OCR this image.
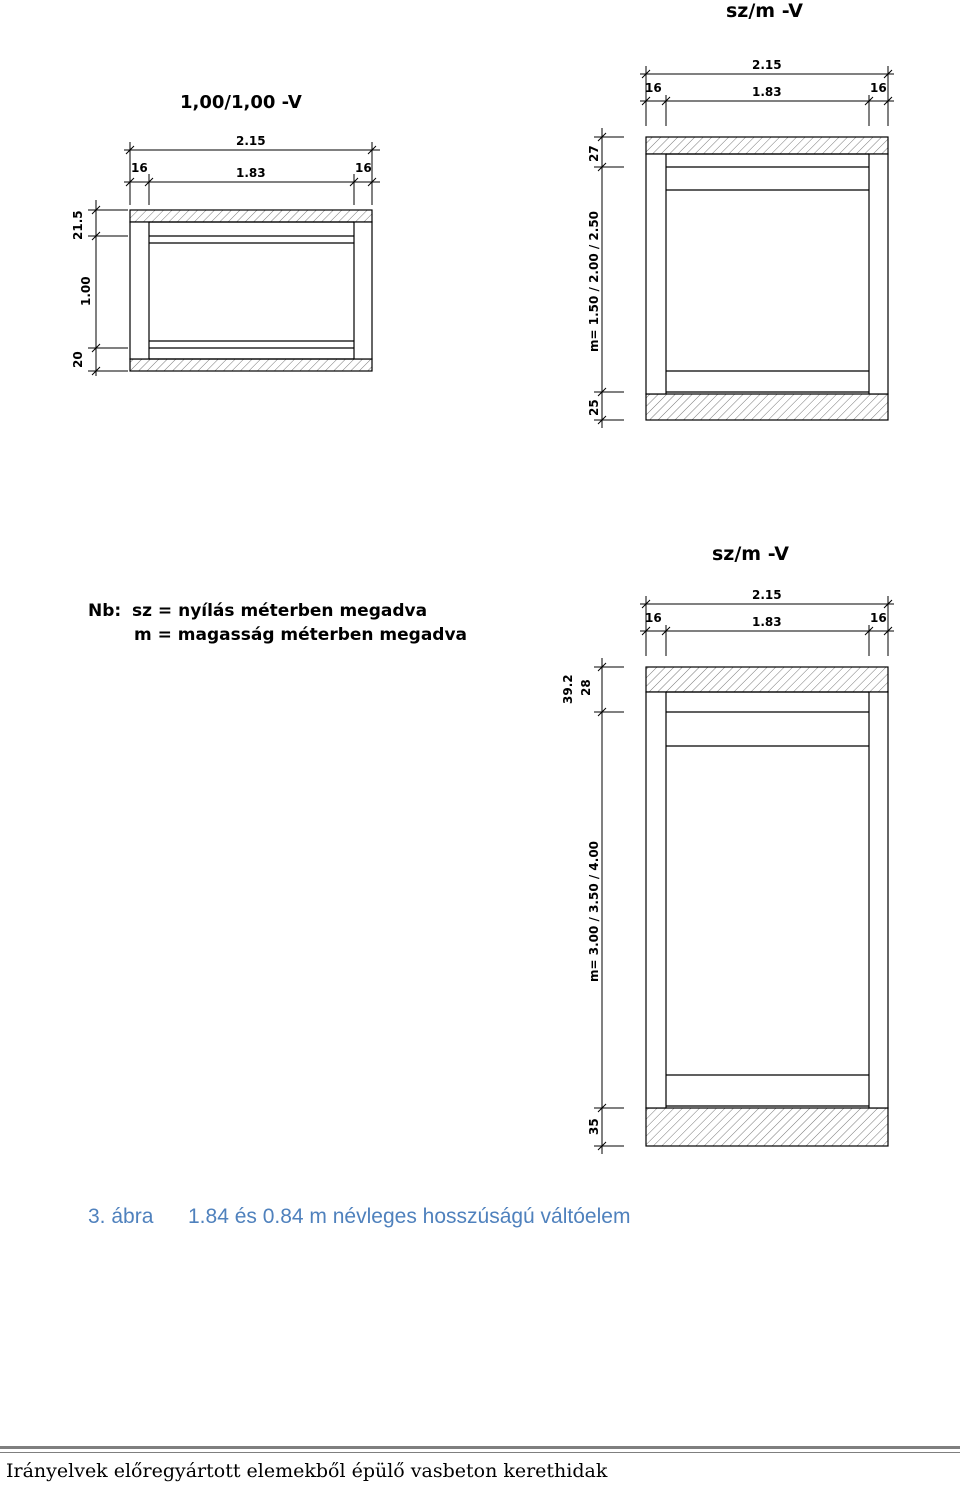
1,00/1,00 -V
2.15
1.83
16	16
21.5
1.00
20
sz/m -V
2.15
1.83
16	16
27
m= 1.50 / 2.00 / 2.50
25
Nb: sz = nyílás méterben megadva
m = magasság méterben megadva
sz/m -V
2.15
1.83
16	16
39.2 28
m= 3.00 / 3.50 / 4.00
35
3. ábra 1.84 és 0.84 m névleges hosszúságú váltóelem
Irányelvek előregyártott elemekből épülő vasbeton kerethidak
